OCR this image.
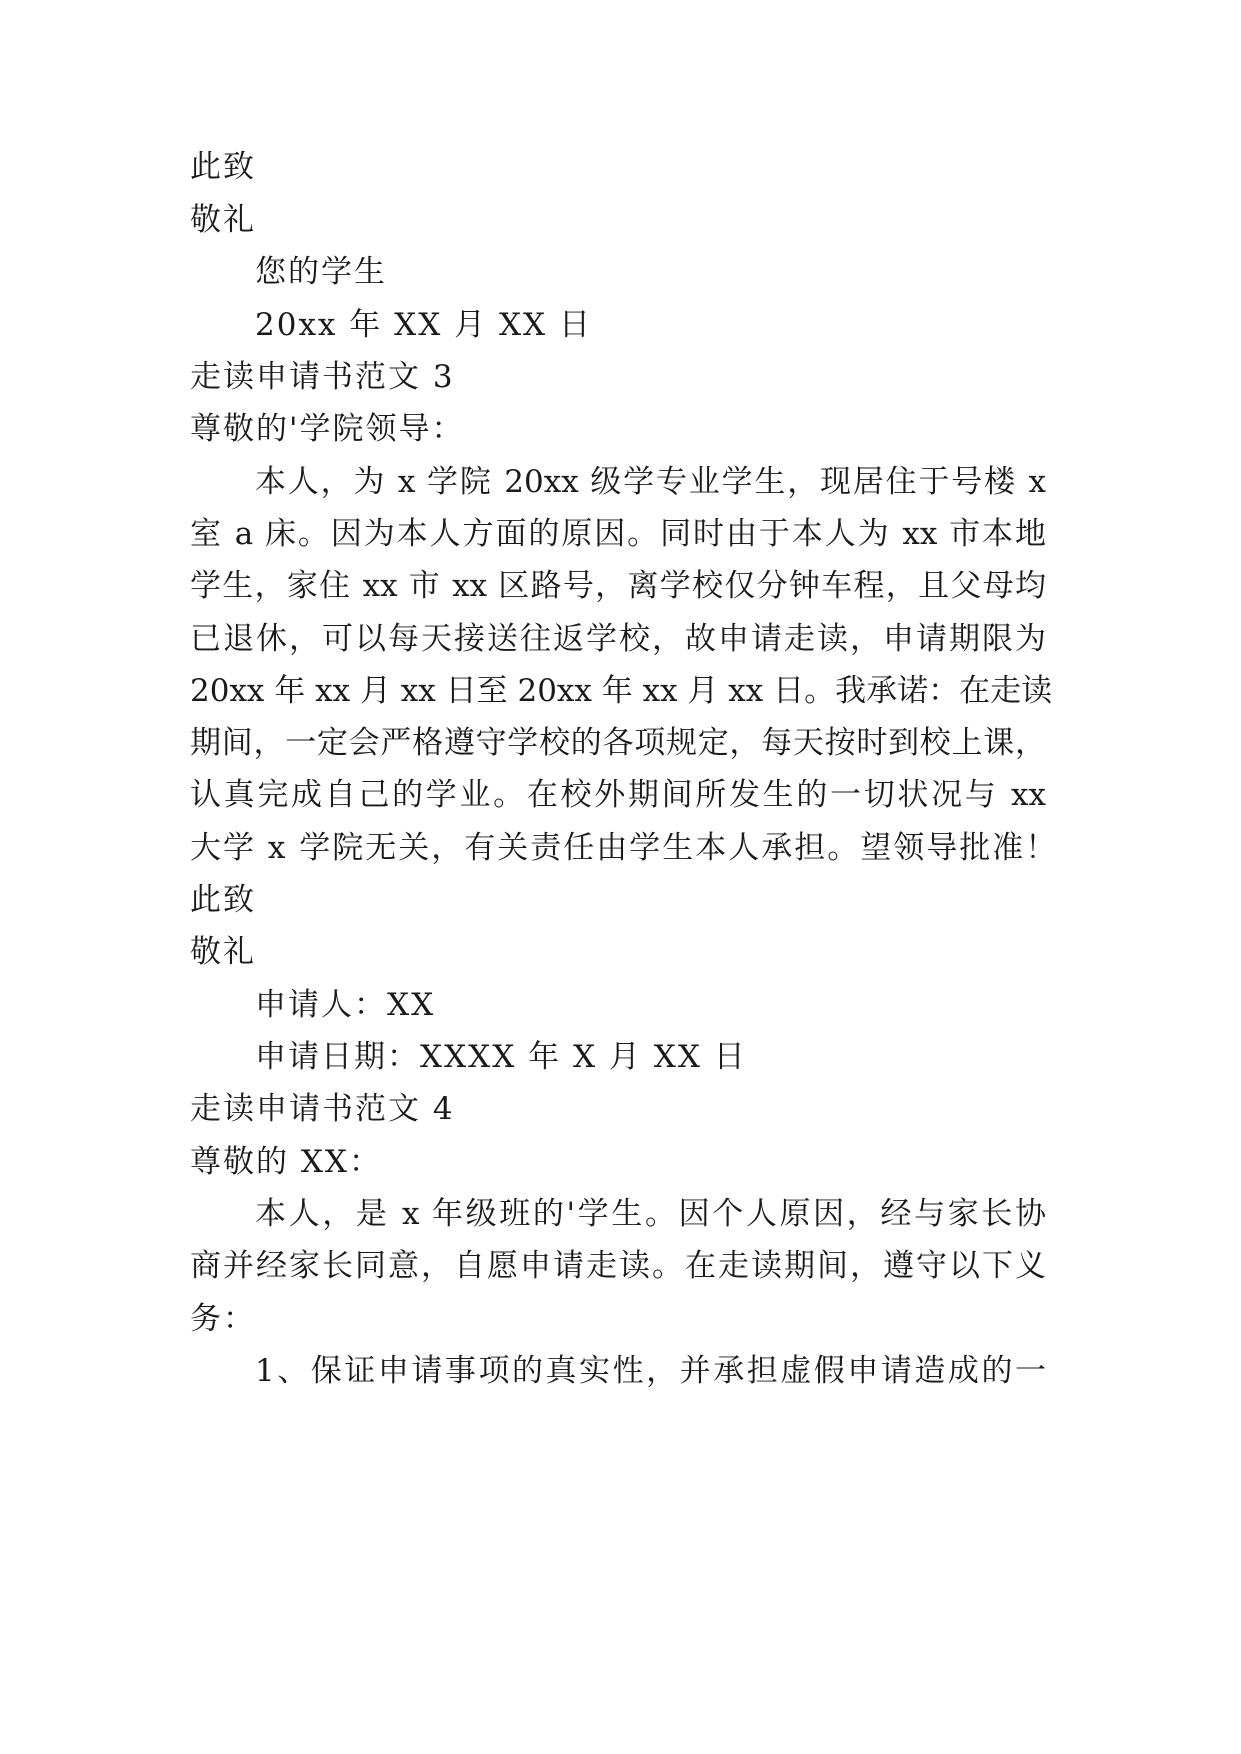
此致
敬礼
您的学生
20xx 年 XX 月 XX 日
走读申请书范文 3
尊敬的'学院领导：
本人，为 x 学院 20xx 级学专业学生，现居住于号楼 x
室 a 床。因为本人方面的原因。同时由于本人为 xx 市本地
学生，家住 xx 市 xx 区路号，离学校仅分钟车程，且父母均
已退休，可以每天接送往返学校，故申请走读，申请期限为
20xx 年 xx 月 xx 日至 20xx 年 xx 月 xx 日。我承诺：在走读
期间，一定会严格遵守学校的各项规定，每天按时到校上课，
认真完成自己的学业。在校外期间所发生的一切状况与 xx
大学 x 学院无关，有关责任由学生本人承担。望领导批准！
此致
敬礼
申请人：XX
申请日期：XXXX 年 X 月 XX 日
走读申请书范文 4
尊敬的 XX：
本人，是 x 年级班的'学生。因个人原因，经与家长协
商并经家长同意，自愿申请走读。在走读期间，遵守以下义
务：
1、保证申请事项的真实性，并承担虚假申请造成的一
